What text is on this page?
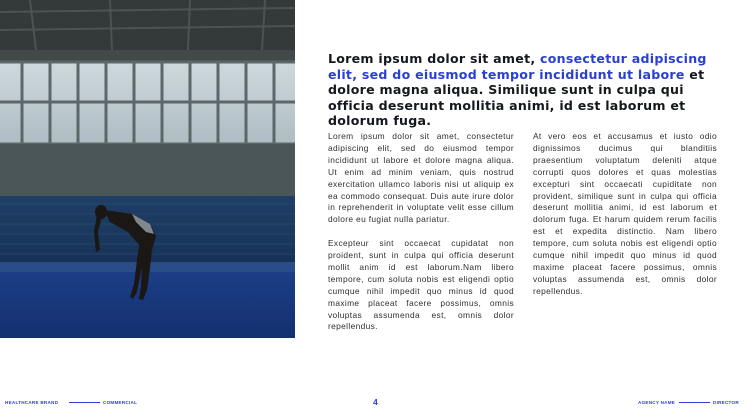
Lorem ipsum dolor sit amet, consectetur adipiscing elit, sed do eiusmod tempor incididunt ut labore et dolore magna aliqua. Similique sunt in culpa qui officia deserunt mollitia animi, id est laborum et dolorum fuga.

Lorem ipsum dolor sit amet, consectetur adipiscing elit, sed do eiusmod tempor incididunt ut labore et dolore magna aliqua. Ut enim ad minim veniam, quis nostrud exercitation ullamco laboris nisi ut aliquip ex ea commodo consequat. Duis aute irure dolor in reprehenderit in voluptate velit esse cillum dolore eu fugiat nulla pariatur.

Excepteur sint occaecat cupidatat non proident, sunt in culpa qui officia deserunt mollit anim id est laborum.Nam libero tempore, cum soluta nobis est eligendi optio cumque nihil impedit quo minus id quod maxime placeat facere possimus, omnis voluptas assumenda est, omnis dolor repellendus.

At vero eos et accusamus et iusto odio dignissimos ducimus qui blanditiis praesentium voluptatum deleniti atque corrupti quos dolores et quas molestias excepturi sint occaecati cupiditate non provident, similique sunt in culpa qui officia deserunt mollitia animi, id est laborum et dolorum fuga. Et harum quidem rerum facilis est et expedita distinctio. Nam libero tempore, cum soluta nobis est eligendi optio cumque nihil impedit quo minus id quod maxime placeat facere possimus, omnis voluptas assumenda est, omnis dolor repellendus.

HEALTHCARE BRAND	COMMERCIAL	4	AGENCY NAME	DIRECTOR
